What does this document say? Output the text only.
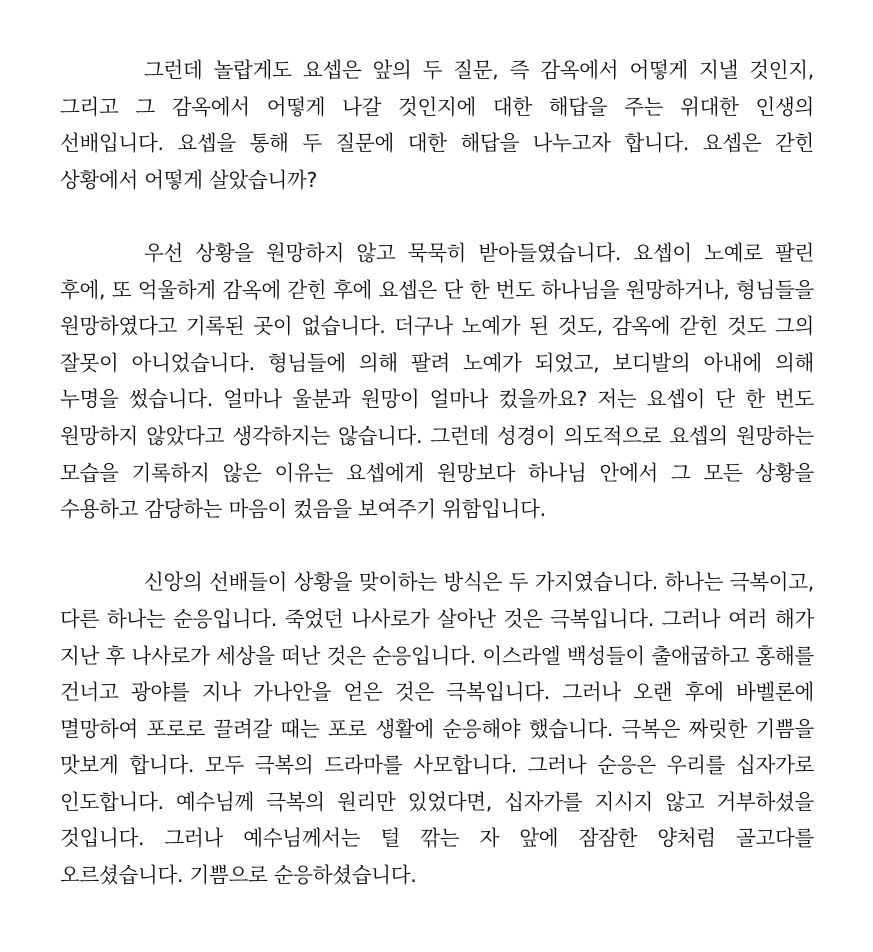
그런데 놀랍게도 요셉은 앞의 두 질문, 즉 감옥에서 어떻게 지낼 것인지, 그리고 그 감옥에서 어떻게 나갈 것인지에 대한 해답을 주는 위대한 인생의 선배입니다. 요셉을 통해 두 질문에 대한 해답을 나누고자 합니다. 요셉은 갇힌 상황에서 어떻게 살았습니까?

우선 상황을 원망하지 않고 묵묵히 받아들였습니다. 요셉이 노예로 팔린 후에, 또 억울하게 감옥에 갇힌 후에 요셉은 단 한 번도 하나님을 원망하거나, 형님들을 원망하였다고 기록된 곳이 없습니다. 더구나 노예가 된 것도, 감옥에 갇힌 것도 그의 잘못이 아니었습니다. 형님들에 의해 팔려 노예가 되었고, 보디발의 아내에 의해 누명을 썼습니다. 얼마나 울분과 원망이 얼마나 컸을까요? 저는 요셉이 단 한 번도 원망하지 않았다고 생각하지는 않습니다. 그런데 성경이 의도적으로 요셉의 원망하는 모습을 기록하지 않은 이유는 요셉에게 원망보다 하나님 안에서 그 모든 상황을 수용하고 감당하는 마음이 컸음을 보여주기 위함입니다.

신앙의 선배들이 상황을 맞이하는 방식은 두 가지였습니다. 하나는 극복이고, 다른 하나는 순응입니다. 죽었던 나사로가 살아난 것은 극복입니다. 그러나 여러 해가 지난 후 나사로가 세상을 떠난 것은 순응입니다. 이스라엘 백성들이 출애굽하고 홍해를 건너고 광야를 지나 가나안을 얻은 것은 극복입니다. 그러나 오랜 후에 바벨론에 멸망하여 포로로 끌려갈 때는 포로 생활에 순응해야 했습니다. 극복은 짜릿한 기쁨을 맛보게 합니다. 모두 극복의 드라마를 사모합니다. 그러나 순응은 우리를 십자가로 인도합니다. 예수님께 극복의 원리만 있었다면, 십자가를 지시지 않고 거부하셨을 것입니다. 그러나 예수님께서는 털 깎는 자 앞에 잠잠한 양처럼 골고다를 오르셨습니다. 기쁨으로 순응하셨습니다.
